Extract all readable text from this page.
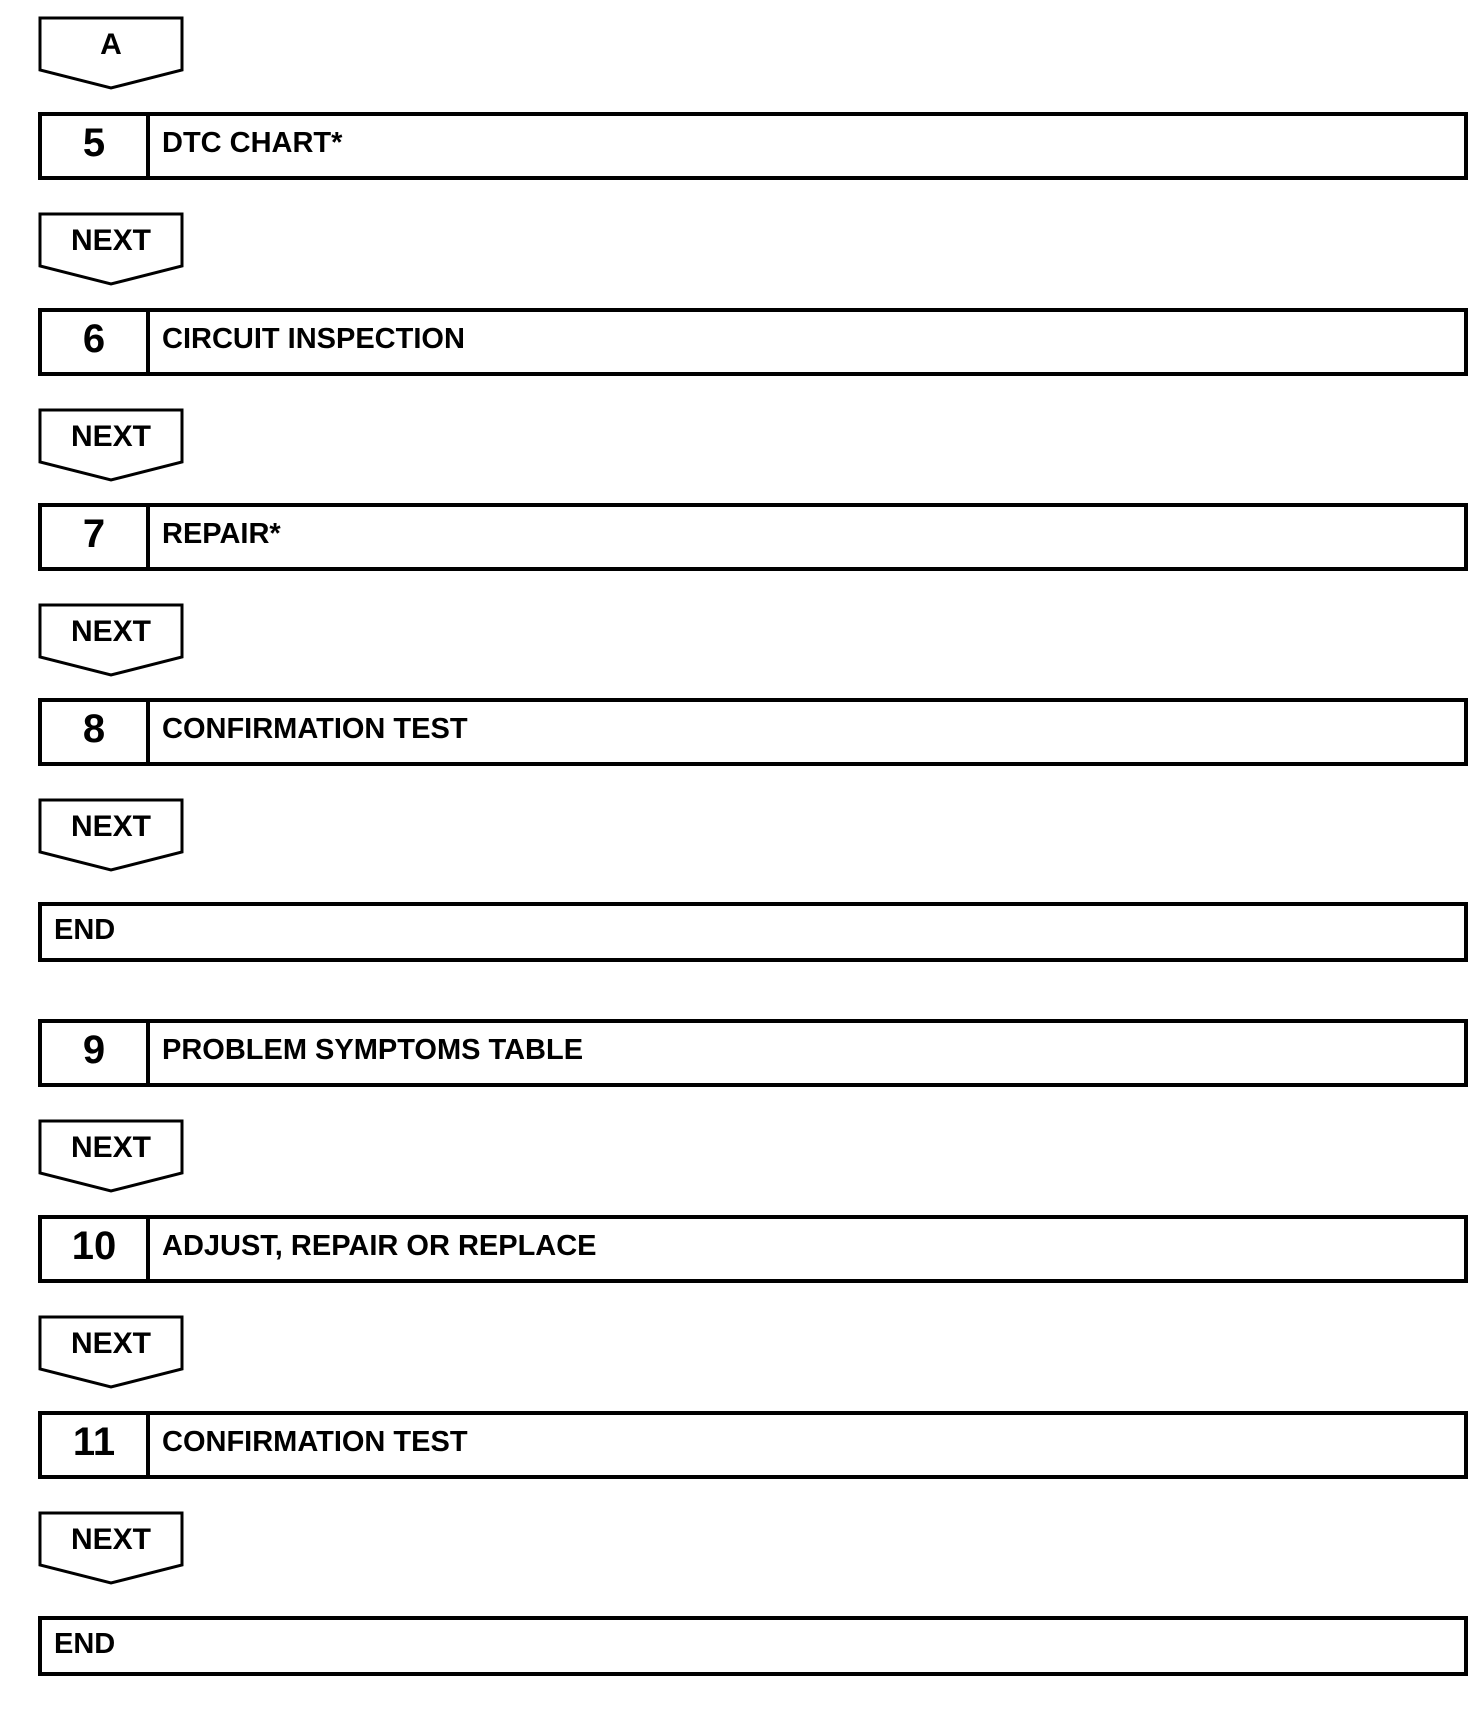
A
5	DTC CHART*
NEXT
6	CIRCUIT INSPECTION
NEXT
7	REPAIR*
NEXT
8	CONFIRMATION TEST
NEXT
END
9	PROBLEM SYMPTOMS TABLE
NEXT
10	ADJUST, REPAIR OR REPLACE
NEXT
11	CONFIRMATION TEST
NEXT
END
